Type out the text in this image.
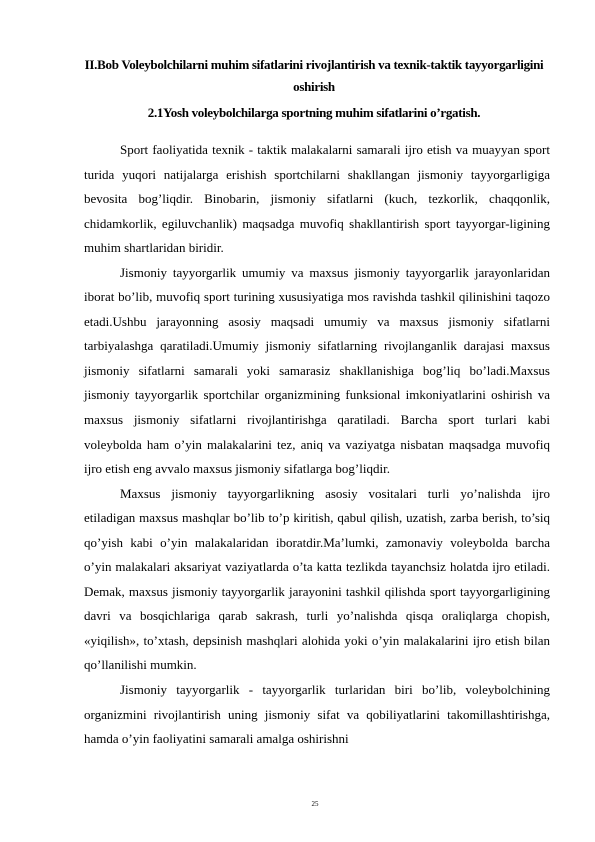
II.Bob Voleybolchilarni muhim sifatlarini rivojlantirish va texnik-taktik tayyorgarligini oshirish
2.1Yosh voleybolchilarga sportning muhim sifatlarini o’rgatish.

Sport faoliyatida texnik - taktik malakalarni samarali ijro etish va muayyan sport turida yuqori natijalarga erishish sportchilarni shakllangan jismoniy tayyorgarligiga bevosita bog’liqdir. Binobarin, jismoniy sifatlarni (kuch, tezkorlik, chaqqonlik, chidamkorlik, egiluvchanlik) maqsadga muvofiq shakllantirish sport tayyorgar-ligining muhim shartlaridan biridir.

Jismoniy tayyorgarlik umumiy va maxsus jismoniy tayyorgarlik jarayonlaridan iborat bo’lib, muvofiq sport turining xususiyatiga mos ravishda tashkil qilinishini taqozo etadi.Ushbu jarayonning asosiy maqsadi umumiy va maxsus jismoniy sifatlarni tarbiyalashga qaratiladi.Umumiy jismoniy sifatlarning rivojlanganlik darajasi maxsus jismoniy sifatlarni samarali yoki samarasiz shakllanishiga bog’liq bo’ladi.Maxsus jismoniy tayyorgarlik sportchilar organizmining funksional imkoniyatlarini oshirish va maxsus jismoniy sifatlarni rivojlantirishga qaratiladi. Barcha sport turlari kabi voleybolda ham o’yin malakalarini tez, aniq va vaziyatga nisbatan maqsadga muvofiq ijro etish eng avvalo maxsus jismoniy sifatlarga bog’liqdir.

Maxsus jismoniy tayyorgarlikning asosiy vositalari turli yo’nalishda ijro etiladigan maxsus mashqlar bo’lib to’p kiritish, qabul qilish, uzatish, zarba berish, to’siq qo’yish kabi o’yin malakalaridan iboratdir.Ma’lumki, zamonaviy voleybolda barcha o’yin malakalari aksariyat vaziyatlarda o’ta katta tezlikda tayanchsiz holatda ijro etiladi. Demak, maxsus jismoniy tayyorgarlik jarayonini tashkil qilishda sport tayyorgarligining davri va bosqichlariga qarab sakrash, turli yo’nalishda qisqa oraliqlarga chopish, «yiqilish», to’xtash, depsinish mashqlari alohida yoki o’yin malakalarini ijro etish bilan qo’llanilishi mumkin.

Jismoniy tayyorgarlik - tayyorgarlik turlaridan biri bo’lib, voleybolchining organizmini rivojlantirish uning jismoniy sifat va qobiliyatlarini takomillashtirishga, hamda o’yin faoliyatini samarali amalga oshirishni

25
